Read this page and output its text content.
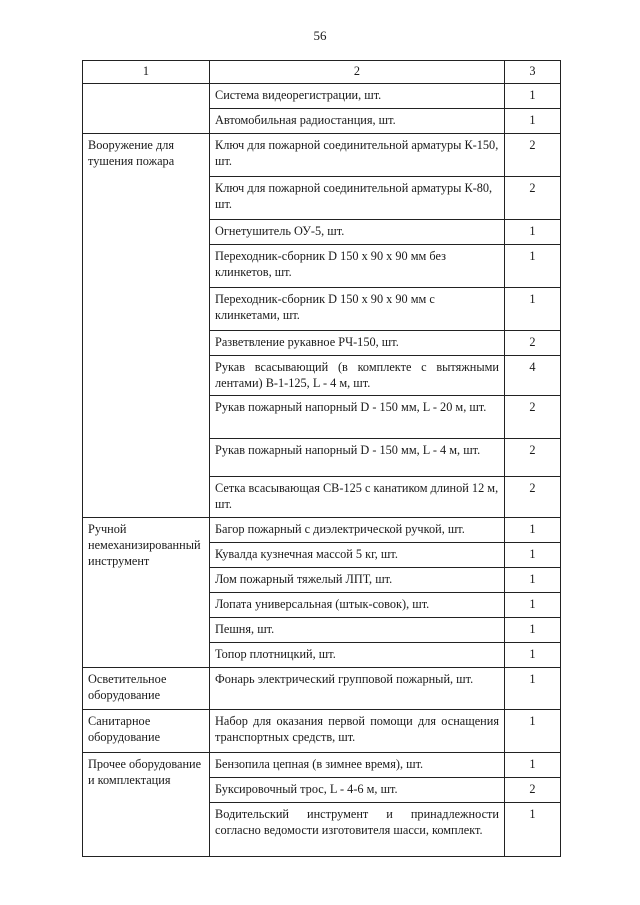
56
1	2	3
	Система видеорегистрации, шт.	1
	Автомобильная радиостанция, шт.	1
Вооружение для тушения пожара	Ключ для пожарной соединительной арматуры К-150, шт.	2
	Ключ для пожарной соединительной арматуры К-80, шт.	2
	Огнетушитель ОУ-5, шт.	1
	Переходник-сборник D 150 х 90 х 90 мм без клинкетов, шт.	1
	Переходник-сборник D 150 х 90 х 90 мм с клинкетами, шт.	1
	Разветвление рукавное РЧ-150, шт.	2
	Рукав всасывающий (в комплекте с вытяжными лентами) В-1-125, L - 4 м, шт.	4
	Рукав пожарный напорный D - 150 мм, L - 20 м, шт.	2
	Рукав пожарный напорный D - 150 мм, L - 4 м, шт.	2
	Сетка всасывающая СВ-125 с канатиком длиной 12 м, шт.	2
Ручной немеханизированный инструмент	Багор пожарный с диэлектрической ручкой, шт.	1
	Кувалда кузнечная массой 5 кг, шт.	1
	Лом пожарный тяжелый ЛПТ, шт.	1
	Лопата универсальная (штык-совок), шт.	1
	Пешня, шт.	1
	Топор плотницкий, шт.	1
Осветительное оборудование	Фонарь электрический групповой пожарный, шт.	1
Санитарное оборудование	Набор для оказания первой помощи для оснащения транспортных средств, шт.	1
Прочее оборудование и комплектация	Бензопила цепная (в зимнее время), шт.	1
	Буксировочный трос, L - 4-6 м, шт.	2
	Водительский инструмент и принадлежности согласно ведомости изготовителя шасси, комплект.	1
